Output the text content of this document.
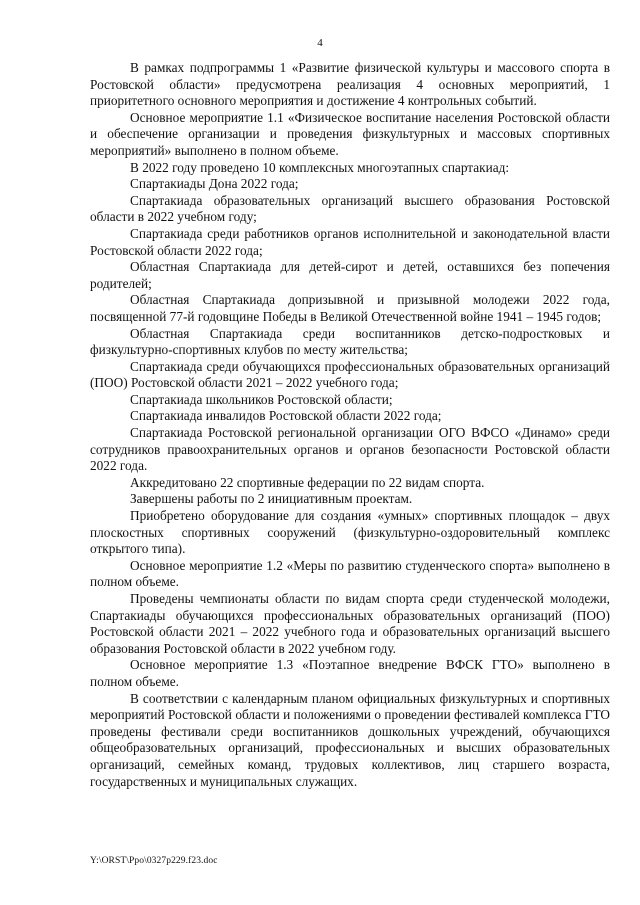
4

В рамках подпрограммы 1 «Развитие физической культуры и массового спорта в Ростовской области» предусмотрена реализация 4 основных мероприятий, 1 приоритетного основного мероприятия и достижение 4 контрольных событий.

Основное мероприятие 1.1 «Физическое воспитание населения Ростовской области и обеспечение организации и проведения физкультурных и массовых спортивных мероприятий» выполнено в полном объеме.

В 2022 году проведено 10 комплексных многоэтапных спартакиад:

Спартакиады Дона 2022 года;

Спартакиада образовательных организаций высшего образования Ростовской области в 2022 учебном году;

Спартакиада среди работников органов исполнительной и законодательной власти Ростовской области 2022 года;

Областная Спартакиада для детей-сирот и детей, оставшихся без попечения родителей;

Областная Спартакиада допризывной и призывной молодежи 2022 года, посвященной 77-й годовщине Победы в Великой Отечественной войне 1941 – 1945 годов;

Областная Спартакиада среди воспитанников детско-подростковых и физкультурно-спортивных клубов по месту жительства;

Спартакиада среди обучающихся профессиональных образовательных организаций (ПОО) Ростовской области 2021 – 2022 учебного года;

Спартакиада школьников Ростовской области;

Спартакиада инвалидов Ростовской области 2022 года;

Спартакиада Ростовской региональной организации ОГО ВФСО «Динамо» среди сотрудников правоохранительных органов и органов безопасности Ростовской области 2022 года.

Аккредитовано 22 спортивные федерации по 22 видам спорта.

Завершены работы по 2 инициативным проектам.

Приобретено оборудование для создания «умных» спортивных площадок – двух плоскостных спортивных сооружений (физкультурно-оздоровительный комплекс открытого типа).

Основное мероприятие 1.2 «Меры по развитию студенческого спорта» выполнено в полном объеме.

Проведены чемпионаты области по видам спорта среди студенческой молодежи, Спартакиады обучающихся профессиональных образовательных организаций (ПОО) Ростовской области 2021 – 2022 учебного года и образовательных организаций высшего образования Ростовской области в 2022 учебном году.

Основное мероприятие 1.3 «Поэтапное внедрение ВФСК ГТО» выполнено в полном объеме.

В соответствии с календарным планом официальных физкультурных и спортивных мероприятий Ростовской области и положениями о проведении фестивалей комплекса ГТО проведены фестивали среди воспитанников дошкольных учреждений, обучающихся общеобразовательных организаций, профессиональных и высших образовательных организаций, семейных команд, трудовых коллективов, лиц старшего возраста, государственных и муниципальных служащих.

Y:\ORST\Ppo\0327p229.f23.doc
